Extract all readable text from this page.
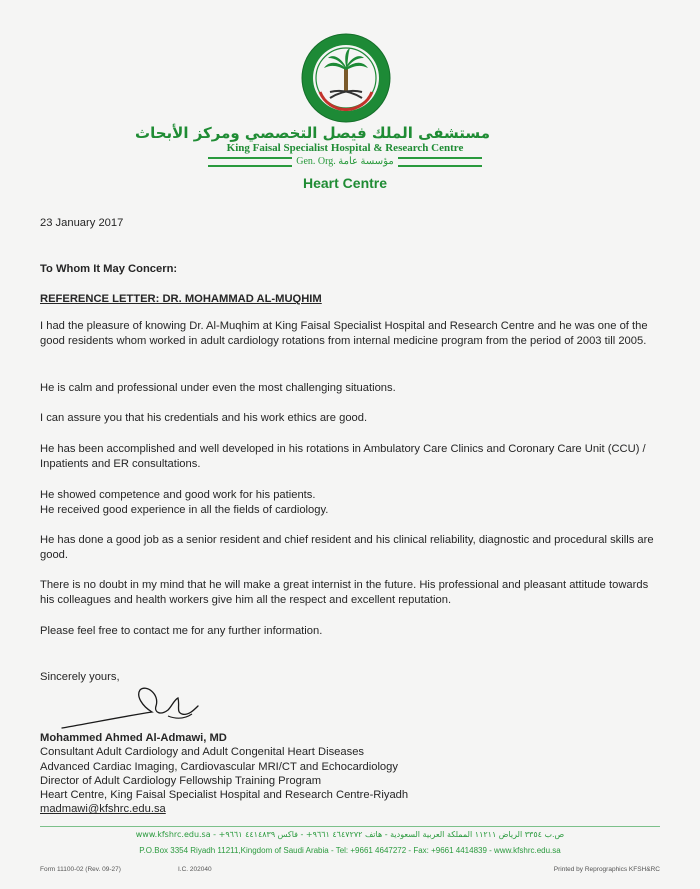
مستشفى الملك فيصل التخصصي ومركز الأبحاث
King Faisal Specialist Hospital & Research Centre
Gen. Org. مؤسسة عامة
Heart Centre
23 January 2017
To Whom It May Concern:
REFERENCE LETTER: DR. MOHAMMAD AL-MUQHIM
I had the pleasure of knowing Dr. Al-Muqhim at King Faisal Specialist Hospital and Research Centre and he was one of the good residents whom worked in adult cardiology rotations from internal medicine program from the period of 2003 till 2005.
He is calm and professional under even the most challenging situations.
I can assure you that his credentials and his work ethics are good.
He has been accomplished and well developed in his rotations in Ambulatory Care Clinics and Coronary Care Unit (CCU) / Inpatients and ER consultations.
He showed competence and good work for his patients.
He received good experience in all the fields of cardiology.
He has done a good job as a senior resident and chief resident and his clinical reliability, diagnostic and procedural skills are good.
There is no doubt in my mind that he will make a great internist in the future. His professional and pleasant attitude towards his colleagues and health workers give him all the respect and excellent reputation.
Please feel free to contact me for any further information.
Sincerely yours,
Mohammed Ahmed Al-Admawi, MD
Consultant Adult Cardiology and Adult Congenital Heart Diseases
Advanced Cardiac Imaging, Cardiovascular MRI/CT and Echocardiology
Director of Adult Cardiology Fellowship Training Program
Heart Centre, King Faisal Specialist Hospital and Research Centre-Riyadh
madmawi@kfshrc.edu.sa
ص.ب ٣٣٥٤ الرياض ١١٢١١ المملكة العربية السعودية - هاتف ٤٦٤٧٢٧٢ ٩٦٦١+ - فاكس ٤٤١٤٨٣٩ ٩٦٦١+ - www.kfshrc.edu.sa
P.O.Box 3354 Riyadh 11211,Kingdom of Saudi Arabia - Tel: +9661 4647272 - Fax: +9661 4414839 - www.kfshrc.edu.sa
Form 11100-02 (Rev. 09-27)	I.C. 202040	Printed by Reprographics KFSH&RC
